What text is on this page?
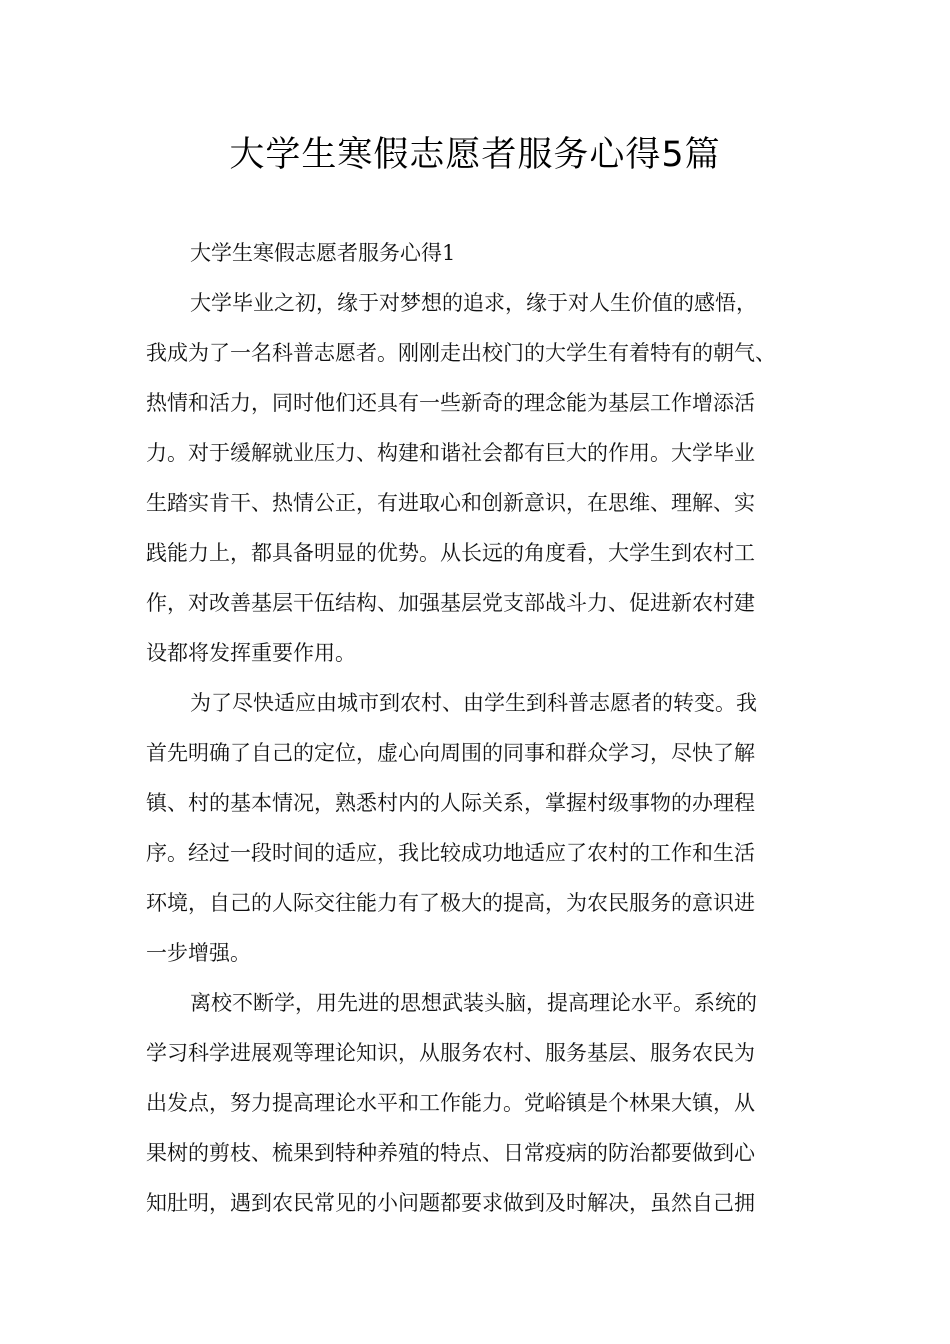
大学生寒假志愿者服务心得5篇
大学生寒假志愿者服务心得1
大学毕业之初，缘于对梦想的追求，缘于对人生价值的感悟，
我成为了一名科普志愿者。刚刚走出校门的大学生有着特有的朝气、
热情和活力，同时他们还具有一些新奇的理念能为基层工作增添活
力。对于缓解就业压力、构建和谐社会都有巨大的作用。大学毕业
生踏实肯干、热情公正，有进取心和创新意识，在思维、理解、实
践能力上，都具备明显的优势。从长远的角度看，大学生到农村工
作，对改善基层干伍结构、加强基层党支部战斗力、促进新农村建
设都将发挥重要作用。
为了尽快适应由城市到农村、由学生到科普志愿者的转变。我
首先明确了自己的定位，虚心向周围的同事和群众学习，尽快了解
镇、村的基本情况，熟悉村内的人际关系，掌握村级事物的办理程
序。经过一段时间的适应，我比较成功地适应了农村的工作和生活
环境，自己的人际交往能力有了极大的提高，为农民服务的意识进
一步增强。
离校不断学，用先进的思想武装头脑，提高理论水平。系统的
学习科学进展观等理论知识，从服务农村、服务基层、服务农民为
出发点，努力提高理论水平和工作能力。党峪镇是个林果大镇，从
果树的剪枝、梳果到特种养殖的特点、日常疫病的防治都要做到心
知肚明，遇到农民常见的小问题都要求做到及时解决，虽然自己拥
